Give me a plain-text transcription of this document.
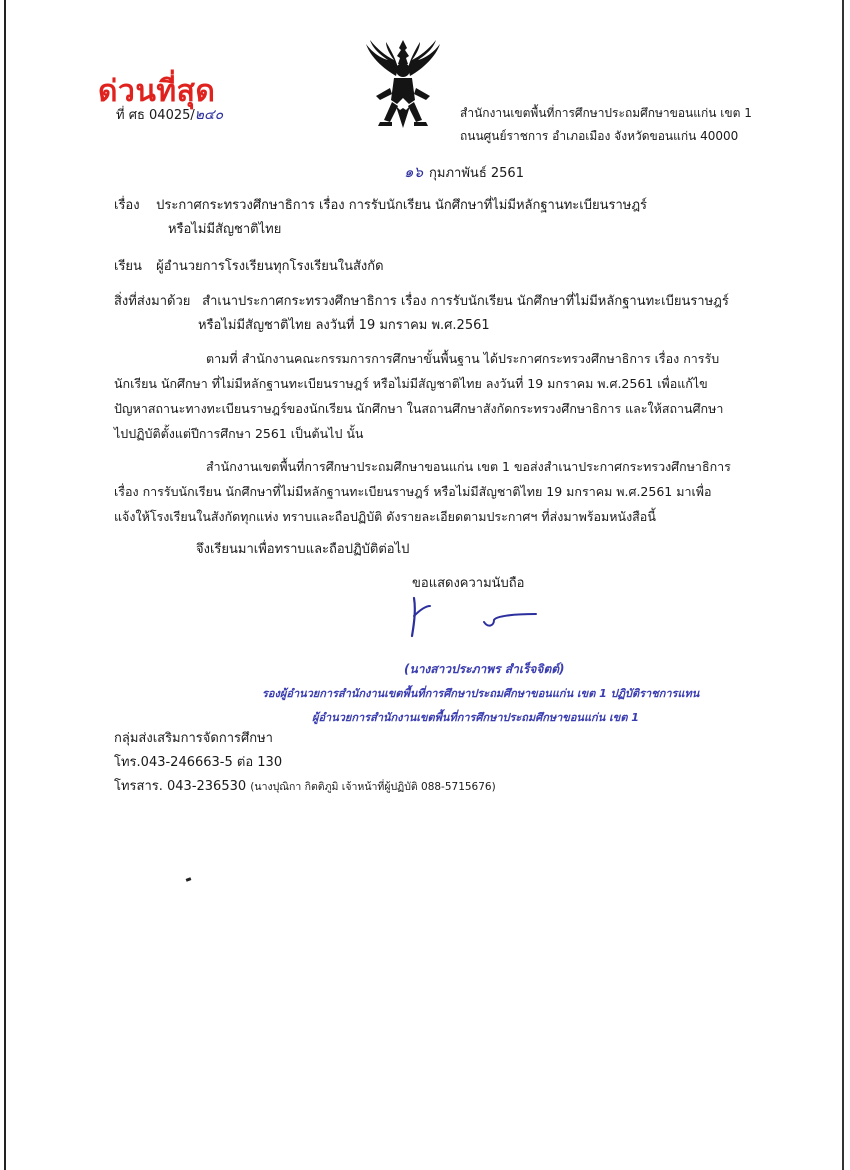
ด่วนที่สุด
ที่ ศธ 04025/๒๔๐	สำนักงานเขตพื้นที่การศึกษาประถมศึกษาขอนแก่น เขต 1
ถนนศูนย์ราชการ อำเภอเมือง จังหวัดขอนแก่น 40000
๑๖ กุมภาพันธ์ 2561
เรื่อง ประกาศกระทรวงศึกษาธิการ เรื่อง การรับนักเรียน นักศึกษาที่ไม่มีหลักฐานทะเบียนราษฎร์
หรือไม่มีสัญชาติไทย
เรียน ผู้อำนวยการโรงเรียนทุกโรงเรียนในสังกัด
สิ่งที่ส่งมาด้วย สำเนาประกาศกระทรวงศึกษาธิการ เรื่อง การรับนักเรียน นักศึกษาที่ไม่มีหลักฐานทะเบียนราษฎร์
หรือไม่มีสัญชาติไทย ลงวันที่ 19 มกราคม พ.ศ.2561
ตามที่ สำนักงานคณะกรรมการการศึกษาขั้นพื้นฐาน ได้ประกาศกระทรวงศึกษาธิการ เรื่อง การรับ
นักเรียน นักศึกษา ที่ไม่มีหลักฐานทะเบียนราษฎร์ หรือไม่มีสัญชาติไทย ลงวันที่ 19 มกราคม พ.ศ.2561 เพื่อแก้ไข
ปัญหาสถานะทางทะเบียนราษฎร์ของนักเรียน นักศึกษา ในสถานศึกษาสังกัดกระทรวงศึกษาธิการ และให้สถานศึกษา
ไปปฏิบัติตั้งแต่ปีการศึกษา 2561 เป็นต้นไป นั้น
สำนักงานเขตพื้นที่การศึกษาประถมศึกษาขอนแก่น เขต 1 ขอส่งสำเนาประกาศกระทรวงศึกษาธิการ
เรื่อง การรับนักเรียน นักศึกษาที่ไม่มีหลักฐานทะเบียนราษฎร์ หรือไม่มีสัญชาติไทย 19 มกราคม พ.ศ.2561 มาเพื่อ
แจ้งให้โรงเรียนในสังกัดทุกแห่ง ทราบและถือปฏิบัติ ดังรายละเอียดตามประกาศฯ ที่ส่งมาพร้อมหนังสือนี้
จึงเรียนมาเพื่อทราบและถือปฏิบัติต่อไป
ขอแสดงความนับถือ
(นางสาวประภาพร สำเร็จจิตต์)
รองผู้อำนวยการสำนักงานเขตพื้นที่การศึกษาประถมศึกษาขอนแก่น เขต 1 ปฏิบัติราชการแทน
ผู้อำนวยการสำนักงานเขตพื้นที่การศึกษาประถมศึกษาขอนแก่น เขต 1
กลุ่มส่งเสริมการจัดการศึกษา
โทร.043-246663-5 ต่อ 130
โทรสาร. 043-236530 (นางปุณิกา กิตติภูมิ เจ้าหน้าที่ผู้ปฏิบัติ 088-5715676)
